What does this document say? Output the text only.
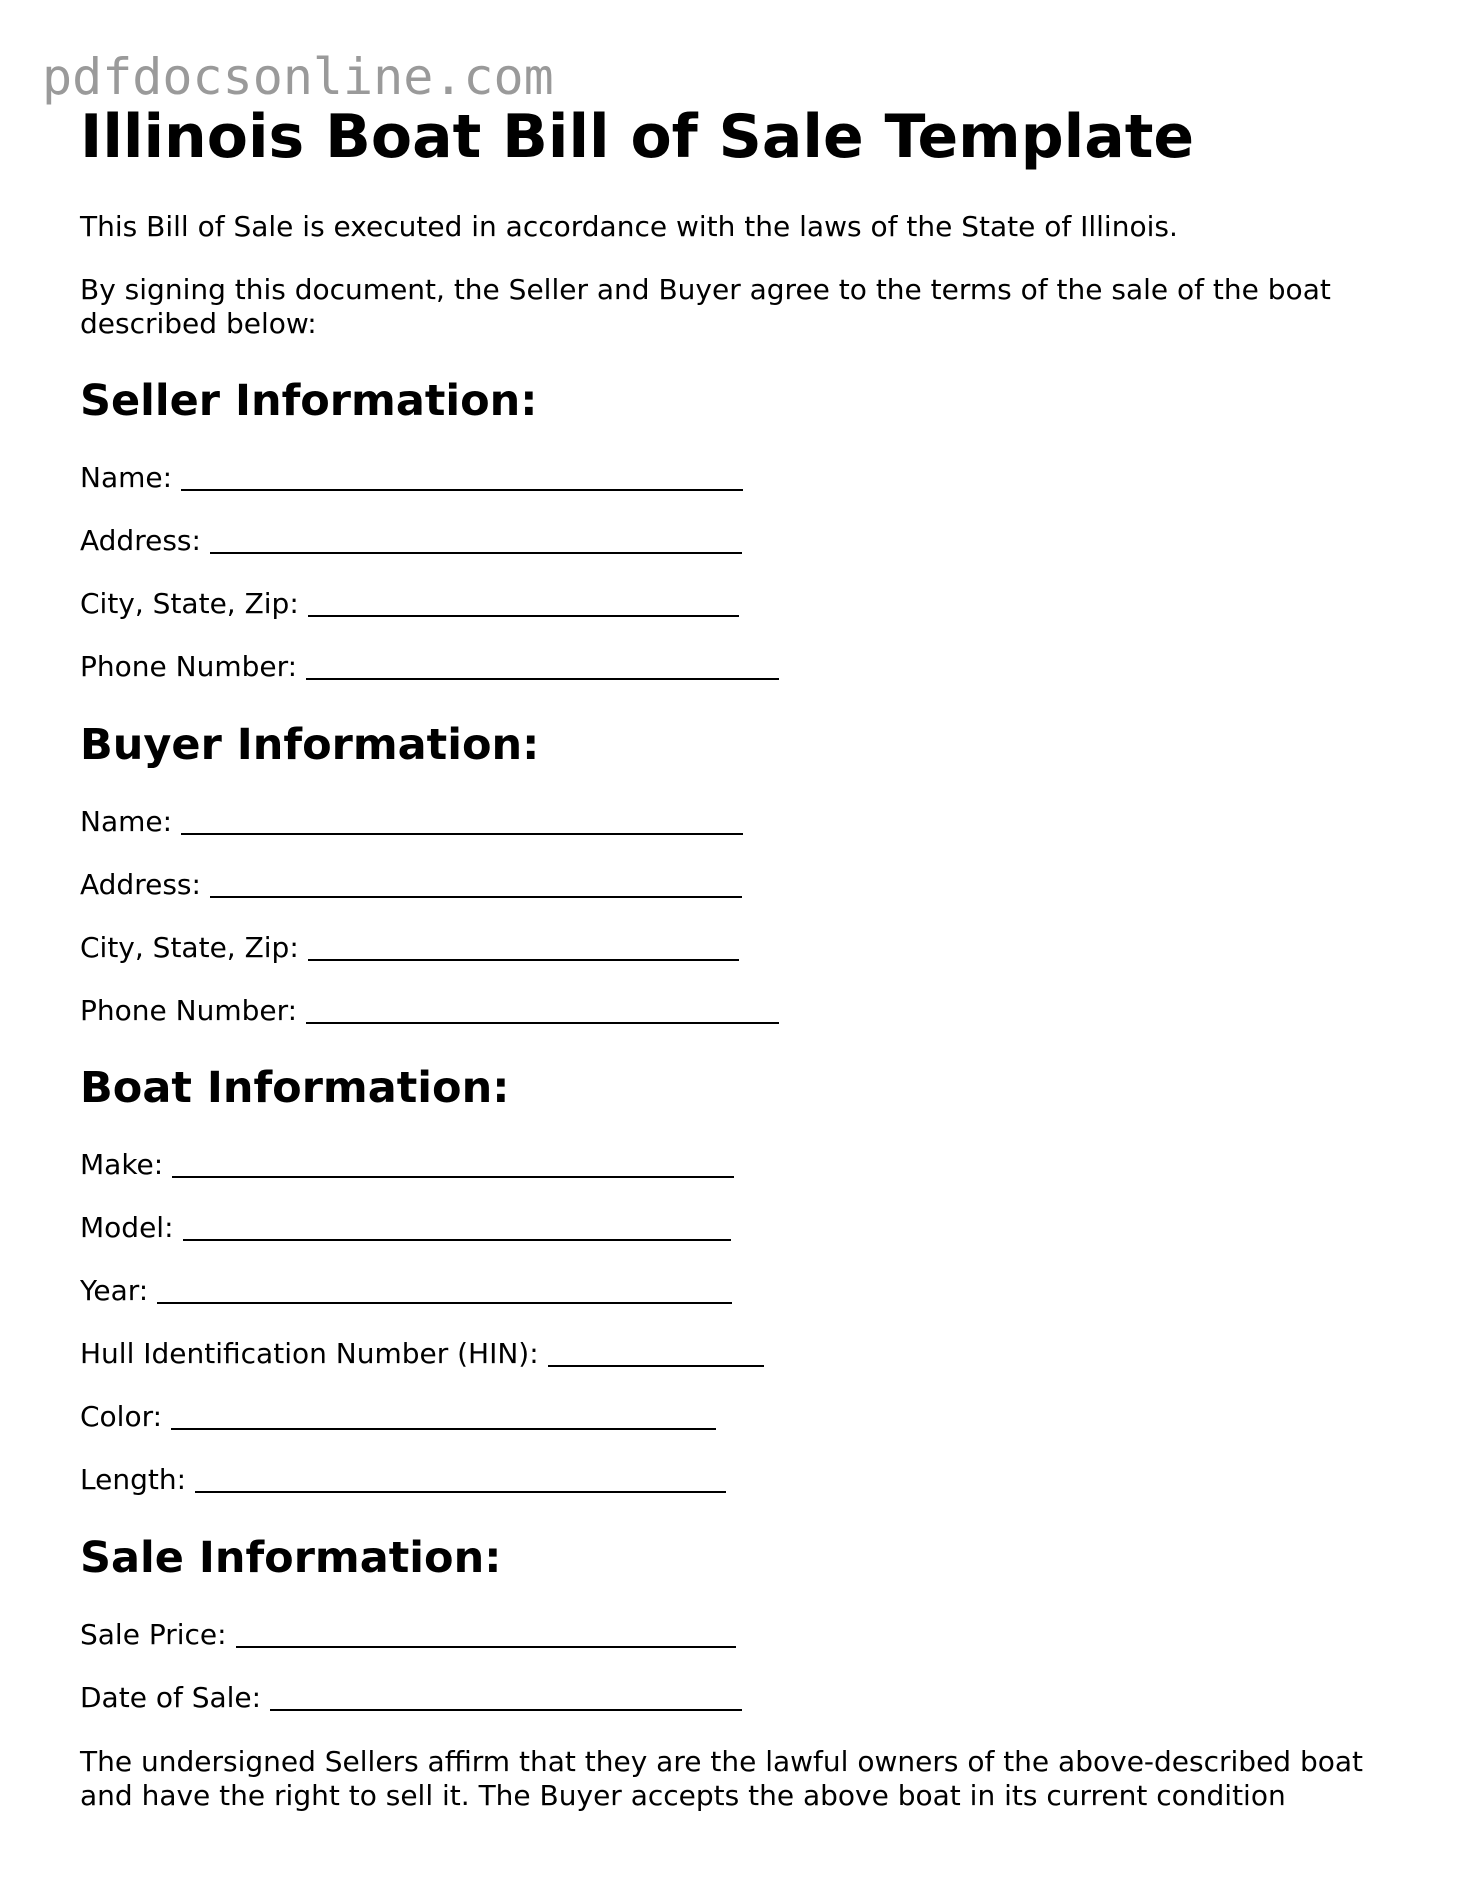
pdfdocsonline.com
Illinois Boat Bill of Sale Template

This Bill of Sale is executed in accordance with the laws of the State of Illinois.

By signing this document, the Seller and Buyer agree to the terms of the sale of the boat described below:

Seller Information:
Name:
Address:
City, State, Zip:
Phone Number:
Buyer Information:
Name:
Address:
City, State, Zip:
Phone Number:
Boat Information:
Make:
Model:
Year:
Hull Identification Number (HIN):
Color:
Length:
Sale Information:
Sale Price:
Date of Sale:

The undersigned Sellers affirm that they are the lawful owners of the above-described boat and have the right to sell it. The Buyer accepts the above boat in its current condition
